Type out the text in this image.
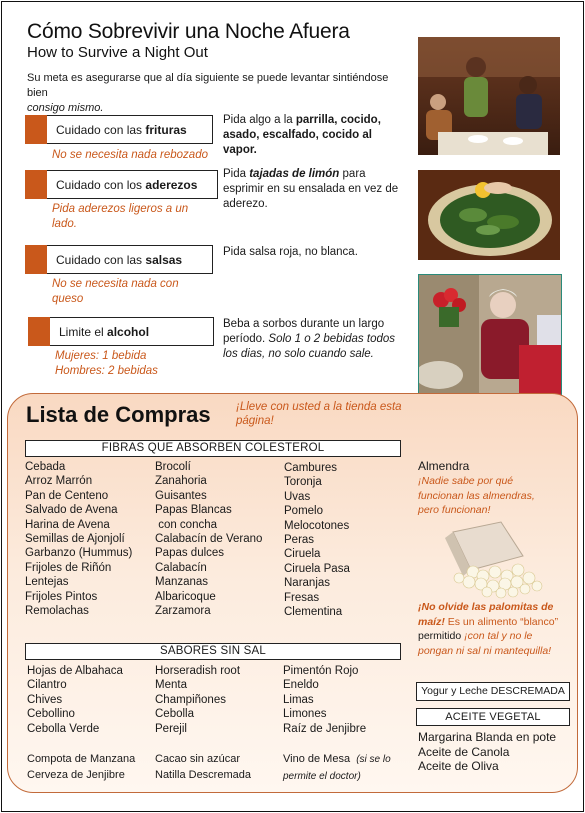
Cómo Sobrevivir una Noche Afuera
How to Survive a Night Out
Su meta es asegurarse que al día siguiente se puede levantar sintiéndose bien
consigo mismo.
Cuidado con las frituras
No se necesita nada rebozado
Pida algo a la parrilla, cocido, asado, escalfado, cocido al vapor.
Cuidado con los aderezos
Pida aderezos ligeros a un lado.
Pida tajadas de limón para esprimir en su ensalada en vez de aderezo.
Cuidado con las salsas
No se necesita nada con queso
Pida salsa roja, no blanca.
Limite el alcohol
Mujeres: 1 bebida
Hombres: 2 bebidas
Beba a sorbos durante un largo período. Solo 1 o 2 bebidas todos los dias, no solo cuando sale.
Lista de Compras ¡Lleve con usted a la tienda esta página!
FIBRAS QUE ABSORBEN COLESTEROL
Cebada
Arroz Marrón
Pan de Centeno
Salvado de Avena
Harina de Avena
Semillas de Ajonjolí
Garbanzo (Hummus)
Frijoles de Riñón
Lentejas
Frijoles Pintos
Remolachas
Brocolí
Zanahoria
Guisantes
Papas Blancas
con concha
Calabacín de Verano
Papas dulces
Calabacín
Manzanas
Albaricoque
Zarzamora
Cambures
Toronja
Uvas
Pomelo
Melocotones
Peras
Ciruela
Ciruela Pasa
Naranjas
Fresas
Clementina
SABORES SIN SAL
Hojas de Albahaca
Cilantro
Chives
Cebollino
Cebolla Verde
Horseradish root
Menta
Champiñones
Cebolla
Perejil
Pimentón Rojo
Eneldo
Limas
Limones
Raíz de Jenjibre
Compota de Manzana
Cerveza de Jenjibre
Cacao sin azúcar
Natilla Descremada
Vino de Mesa (si se lo
permite el doctor)
Almendra
¡Nadie sabe por qué funcionan las almendras, pero funcionan!
¡No olvide las palomitas de maíz! Es un alimento “blanco” permitido ¡con tal y no le pongan ni sal ni mantequilla!
Yogur y Leche DESCREMADA
ACEITE VEGETAL
Margarina Blanda en pote
Aceite de Canola
Aceite de Oliva
